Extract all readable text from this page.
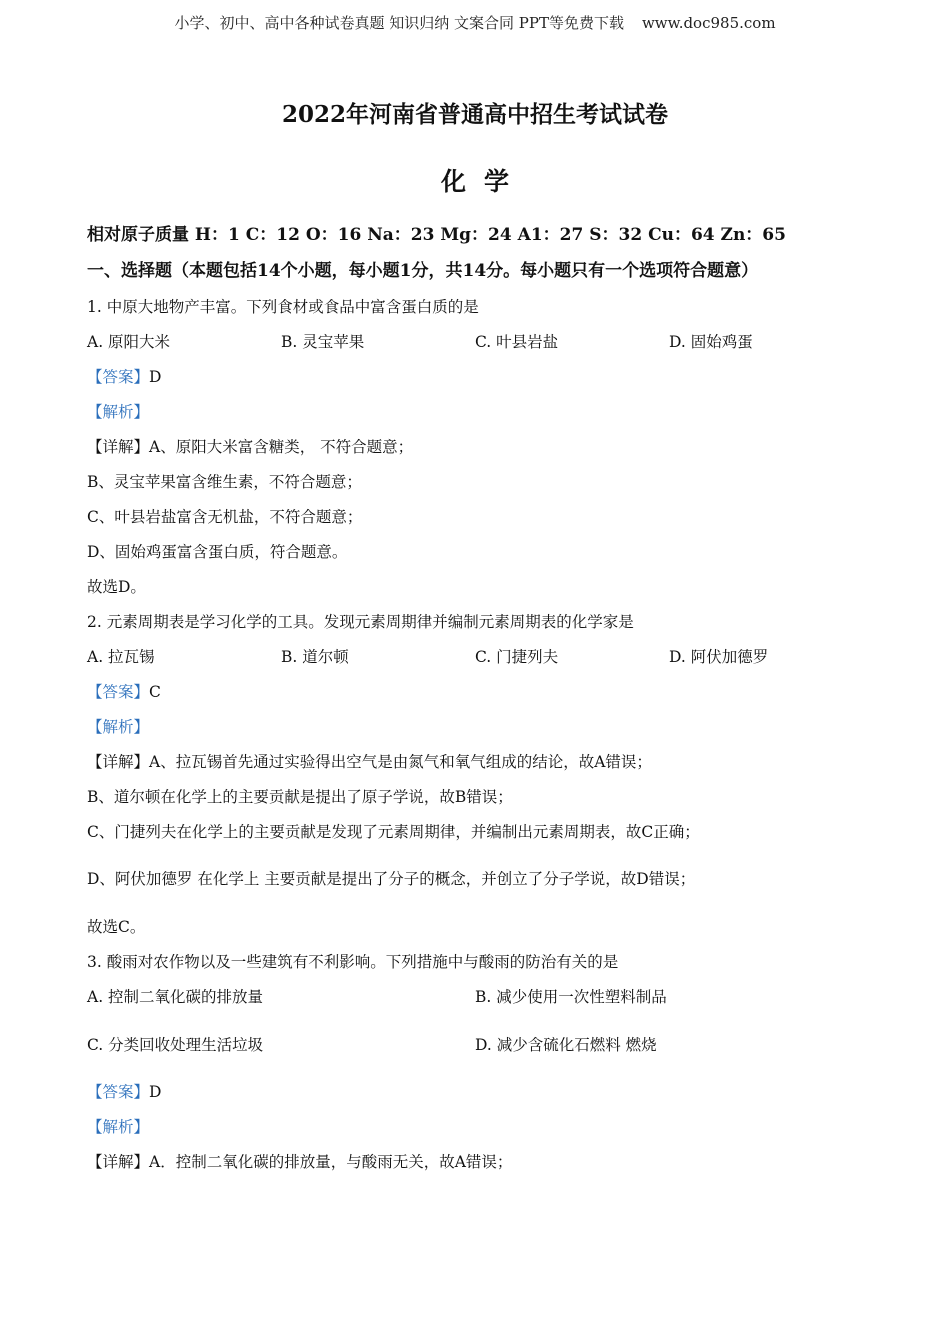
小学、初中、高中各种试卷真题 知识归纳 文案合同 PPT等免费下载 www.doc985.com
2022年河南省普通高中招生考试试卷
化学
相对原子质量 H：1 C：12 O：16 Na：23 Mg：24 A1：27 S：32 Cu：64 Zn：65
一、选择题（本题包括14个小题，每小题1分，共14分。每小题只有一个选项符合题意）
1. 中原大地物产丰富。下列食材或食品中富含蛋白质的是
A. 原阳大米	B. 灵宝苹果	C. 叶县岩盐	D. 固始鸡蛋
【答案】D
【解析】
【详解】A、原阳大米富含糖类， 不符合题意；
B、灵宝苹果富含维生素，不符合题意；
C、叶县岩盐富含无机盐，不符合题意；
D、固始鸡蛋富含蛋白质，符合题意。
故选D。
2. 元素周期表是学习化学的工具。发现元素周期律并编制元素周期表的化学家是
A. 拉瓦锡	B. 道尔顿	C. 门捷列夫	D. 阿伏加德罗
【答案】C
【解析】
【详解】A、拉瓦锡首先通过实验得出空气是由氮气和氧气组成的结论，故A错误；
B、道尔顿在化学上的主要贡献是提出了原子学说，故B错误；
C、门捷列夫在化学上的主要贡献是发现了元素周期律，并编制出元素周期表，故C正确；
D、阿伏加德罗 在化学上 主要贡献是提出了分子的概念，并创立了分子学说，故D错误；
故选C。
3. 酸雨对农作物以及一些建筑有不利影响。下列措施中与酸雨的防治有关的是
A. 控制二氧化碳的排放量	B. 减少使用一次性塑料制品
C. 分类回收处理生活垃圾	D. 减少含硫化石燃料 燃烧
【答案】D
【解析】
【详解】A．控制二氧化碳的排放量，与酸雨无关，故A错误；
